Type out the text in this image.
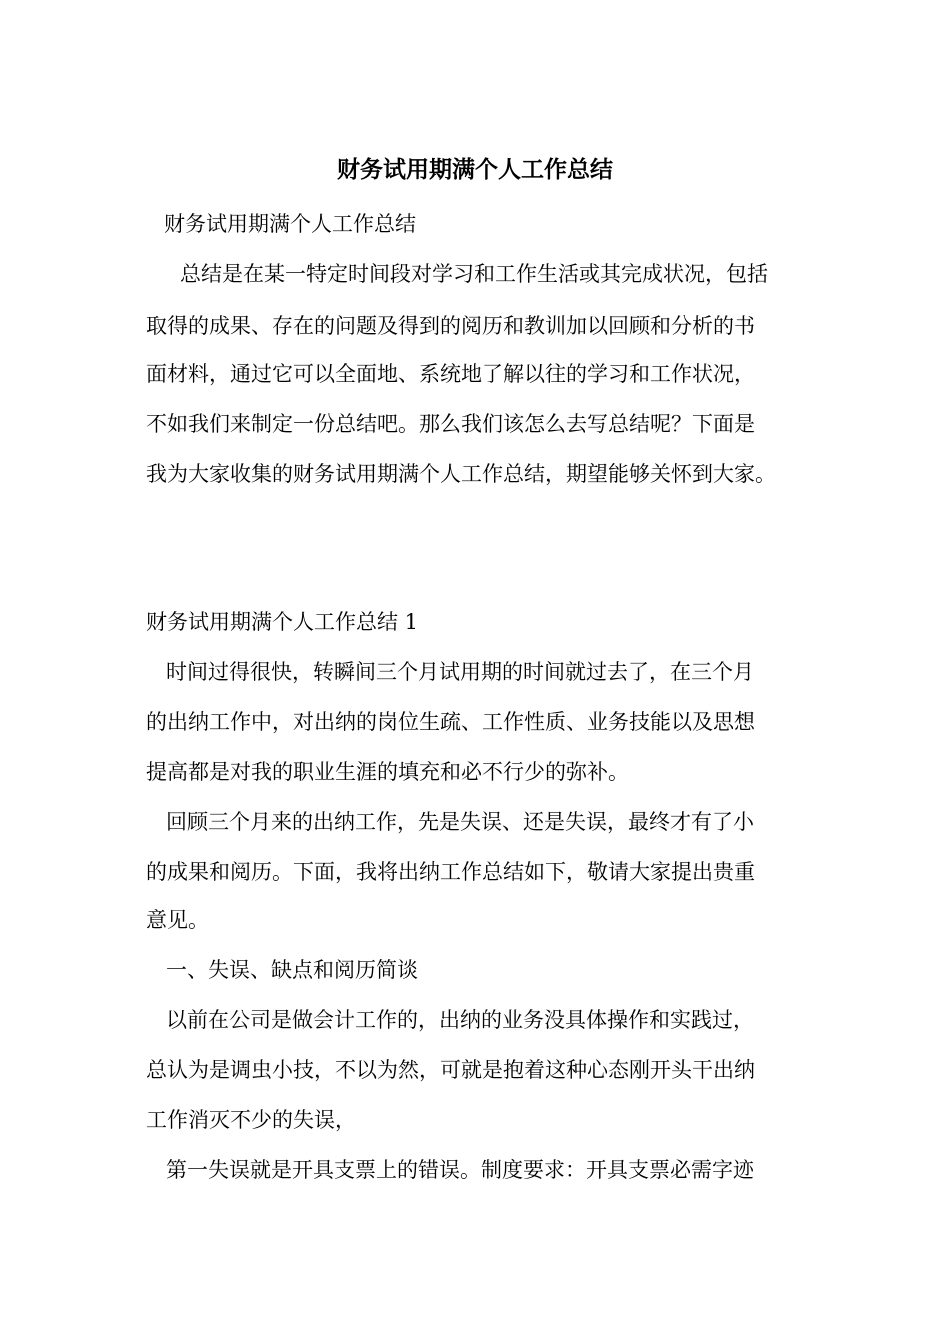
财务试用期满个人工作总结
财务试用期满个人工作总结
总结是在某一特定时间段对学习和工作生活或其完成状况，包括
取得的成果、存在的问题及得到的阅历和教训加以回顾和分析的书
面材料，通过它可以全面地、系统地了解以往的学习和工作状况，
不如我们来制定一份总结吧。那么我们该怎么去写总结呢？下面是
我为大家收集的财务试用期满个人工作总结，期望能够关怀到大家。
财务试用期满个人工作总结 1
时间过得很快，转瞬间三个月试用期的时间就过去了，在三个月
的出纳工作中，对出纳的岗位生疏、工作性质、业务技能以及思想
提高都是对我的职业生涯的填充和必不行少的弥补。
回顾三个月来的出纳工作，先是失误、还是失误，最终才有了小
的成果和阅历。下面，我将出纳工作总结如下，敬请大家提出贵重
意见。
一、失误、缺点和阅历简谈
以前在公司是做会计工作的，出纳的业务没具体操作和实践过，
总认为是调虫小技，不以为然，可就是抱着这种心态刚开头干出纳
工作消灭不少的失误，
第一失误就是开具支票上的错误。制度要求：开具支票必需字迹
